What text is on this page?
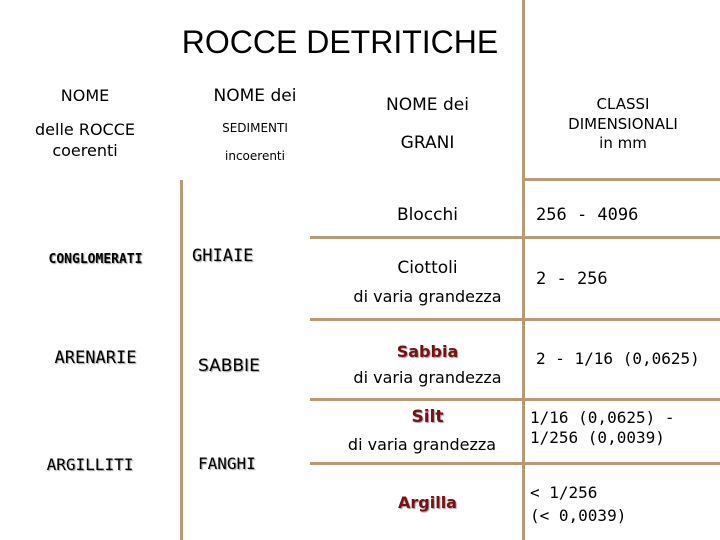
ROCCE DETRITICHE
NOME
delle ROCCE
coerenti
NOME dei
SEDIMENTI
incoerenti
NOME dei
GRANI
CLASSI
DIMENSIONALI
in mm
CONGLOMERATI
ARENARIE
ARGILLITI
GHIAIE
SABBIE
FANGHI
Blocchi
Ciottoli
di varia grandezza
Sabbia
di varia grandezza
Silt
di varia grandezza
Argilla
256 - 4096
2 - 256
2 - 1/16 (0,0625)
1/16 (0,0625) -
1/256 (0,0039)
< 1/256
(< 0,0039)
